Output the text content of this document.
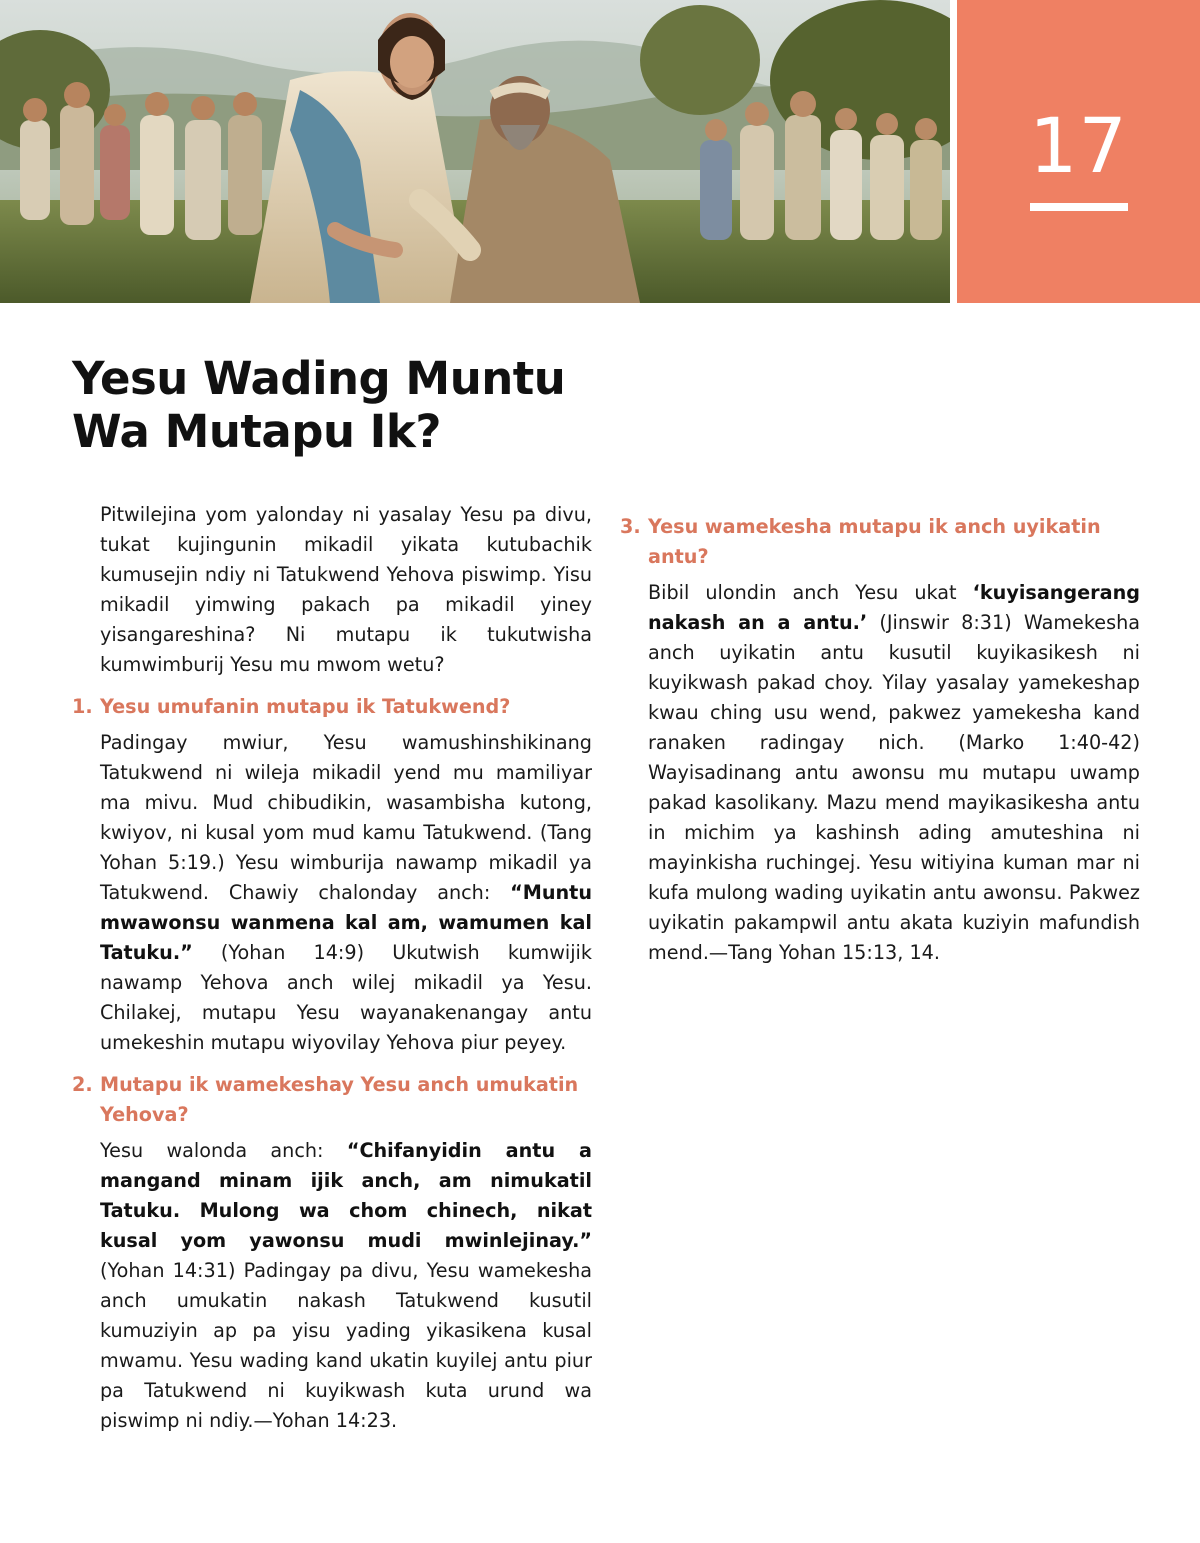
17
Yesu Wading Muntu
Wa Mutapu Ik?

Pitwilejina yom yalonday ni yasalay Yesu pa divu, tukat kujingunin mikadil yikata kutubachik kumusejin ndiy ni Tatukwend Yehova piswimp. Yisu mikadil yimwing pakach pa mikadil yiney yisangareshina? Ni mutapu ik tukutwisha kumwimburij Yesu mu mwom wetu?

1. Yesu umufanin mutapu ik Tatukwend?

Padingay mwiur, Yesu wamushinshikinang Tatukwend ni wileja mikadil yend mu mamiliyar ma mivu. Mud chibudikin, wasambisha kutong, kwiyov, ni kusal yom mud kamu Tatukwend. (Tang Yohan 5:19.) Yesu wimburija nawamp mikadil ya Tatukwend. Chawiy chalonday anch: “Muntu mwawonsu wanmena kal am, wamumen kal Tatuku.” (Yohan 14:9) Ukutwish kumwijik nawamp Yehova anch wilej mikadil ya Yesu. Chilakej, mutapu Yesu wayanakenangay antu umekeshin mutapu wiyovilay Yehova piur peyey.

2. Mutapu ik wamekeshay Yesu anch umukatin Yehova?

Yesu walonda anch: “Chifanyidin antu a mangand minam ijik anch, am nimukatil Tatuku. Mulong wa chom chinech, nikat kusal yom yawonsu mudi mwinlejinay.” (Yohan 14:31) Padingay pa divu, Yesu wamekesha anch umukatin nakash Tatukwend kusutil kumuziyin ap pa yisu yading yikasikena kusal mwamu. Yesu wading kand ukatin kuyilej antu piur pa Tatukwend ni kuyikwash kuta urund wa piswimp ni ndiy.—Yohan 14:23.

3. Yesu wamekesha mutapu ik anch uyikatin antu?

Bibil ulondin anch Yesu ukat ‘kuyisangerang nakash an a antu.’ (Jinswir 8:31) Wamekesha anch uyikatin antu kusutil kuyikasikesh ni kuyikwash pakad choy. Yilay yasalay yamekeshap kwau ching usu wend, pakwez yamekesha kand ranaken radingay nich. (Marko 1:40-42) Wayisadinang antu awonsu mu mutapu uwamp pakad kasolikany. Mazu mend mayikasikesha antu in michim ya kashinsh ading amuteshina ni mayinkisha ruchingej. Yesu witiyina kuman mar ni kufa mulong wading uyikatin antu awonsu. Pakwez uyikatin pakampwil antu akata kuziyin mafundish mend.—Tang Yohan 15:13, 14.
